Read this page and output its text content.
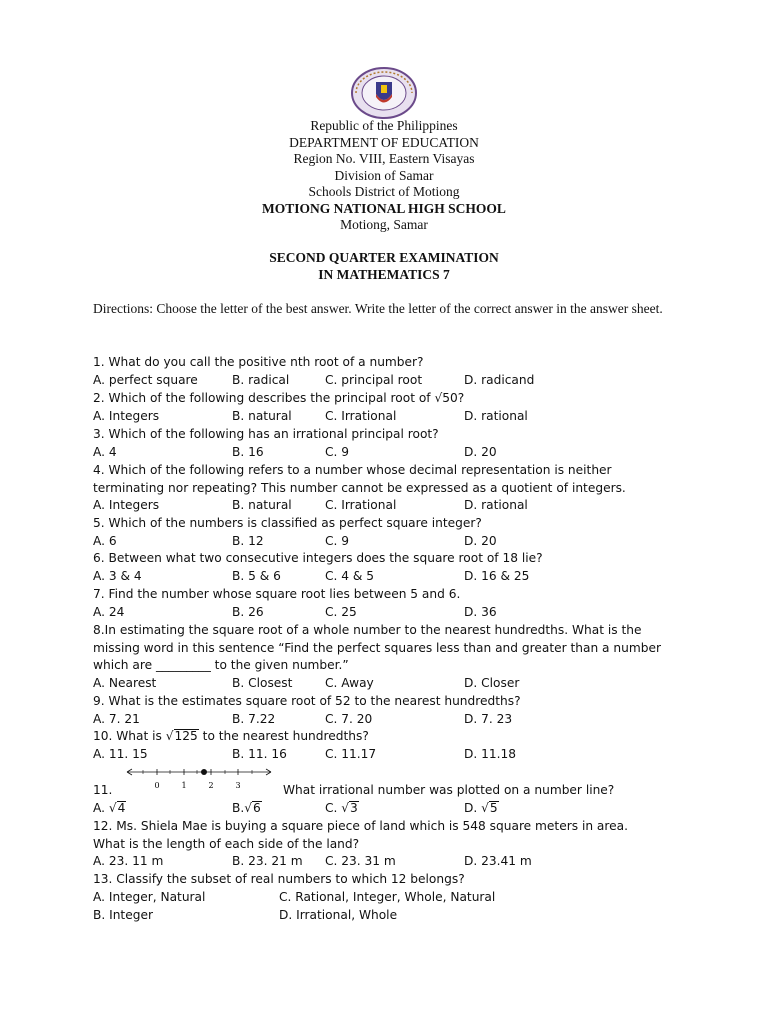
Republic of the Philippines
DEPARTMENT OF EDUCATION
Region No. VIII, Eastern Visayas
Division of Samar
Schools District of Motiong
MOTIONG NATIONAL HIGH SCHOOL
Motiong, Samar
SECOND QUARTER EXAMINATION
IN MATHEMATICS 7
Directions: Choose the letter of the best answer. Write the letter of the correct answer in the answer sheet.
1. What do you call the positive nth root of a number?
A. perfect square	B. radical	C. principal root	D. radicand
2. Which of the following describes the principal root of √50?
A. Integers	B. natural	C. Irrational	D. rational
3. Which of the following has an irrational principal root?
A. 4	B. 16	C. 9	D. 20
4. Which of the following refers to a number whose decimal representation is neither
terminating nor repeating? This number cannot be expressed as a quotient of integers.
A. Integers	B. natural	C. Irrational	D. rational
5. Which of the numbers is classified as perfect square integer?
A. 6	B. 12	C. 9	D. 20
6. Between what two consecutive integers does the square root of 18 lie?
A. 3 & 4	B. 5 & 6	C. 4 & 5	D. 16 & 25
7. Find the number whose square root lies between 5 and 6.
A. 24	B. 26	C. 25	D. 36
8.In estimating the square root of a whole number to the nearest hundredths. What is the
missing word in this sentence “Find the perfect squares less than and greater than a number
which are _________ to the given number.”
A. Nearest	B. Closest	C. Away	D. Closer
9. What is the estimates square root of 52 to the nearest hundredths?
A. 7. 21	B. 7.22	C. 7. 20	D. 7. 23
10. What is √125 to the nearest hundredths?
A. 11. 15	B. 11. 16	C. 11.17	D. 11.18
0	1	2	3
11.	What irrational number was plotted on a number line?
A. √4	B.√6	C. √3	D. √5
12. Ms. Shiela Mae is buying a square piece of land which is 548 square meters in area.
What is the length of each side of the land?
A. 23. 11 m	B. 23. 21 m C. 23. 31 m	D. 23.41 m
13. Classify the subset of real numbers to which 12 belongs?
A. Integer, Natural	C. Rational, Integer, Whole, Natural
B. Integer	D. Irrational, Whole
